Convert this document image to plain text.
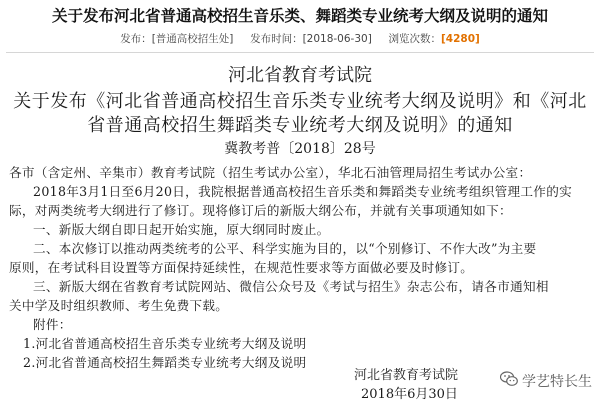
关于发布河北省普通高校招生音乐类、舞蹈类专业统考大纲及说明的通知
发布：[普通高校招生处] 发布时间：[2018-06-30] 浏览次数：[4280]
河北省教育考试院
关于发布《河北省普通高校招生音乐类专业统考大纲及说明》和《河北
省普通高校招生舞蹈类专业统考大纲及说明》的通知
冀教考普〔2018〕28号
各市（含定州、辛集市）教育考试院（招生考试办公室），华北石油管理局招生考试办公室：
2018年3月1日至6月20日，我院根据普通高校招生音乐类和舞蹈类专业统考组织管理工作的实
际，对两类统考大纲进行了修订。现将修订后的新版大纲公布，并就有关事项通知如下：
一、新版大纲自即日起开始实施，原大纲同时废止。
二、本次修订以推动两类统考的公平、科学实施为目的，以“个别修订、不作大改”为主要
原则，在考试科目设置等方面保持延续性，在规范性要求等方面做必要及时修订。
三、新版大纲在省教育考试院网站、微信公众号及《考试与招生》杂志公布，请各市通知相
关中学及时组织教师、考生免费下载。
附件：
1.河北省普通高校招生音乐类专业统考大纲及说明
2.河北省普通高校招生舞蹈类专业统考大纲及说明
河北省教育考试院
2018年6月30日
学艺特长生
